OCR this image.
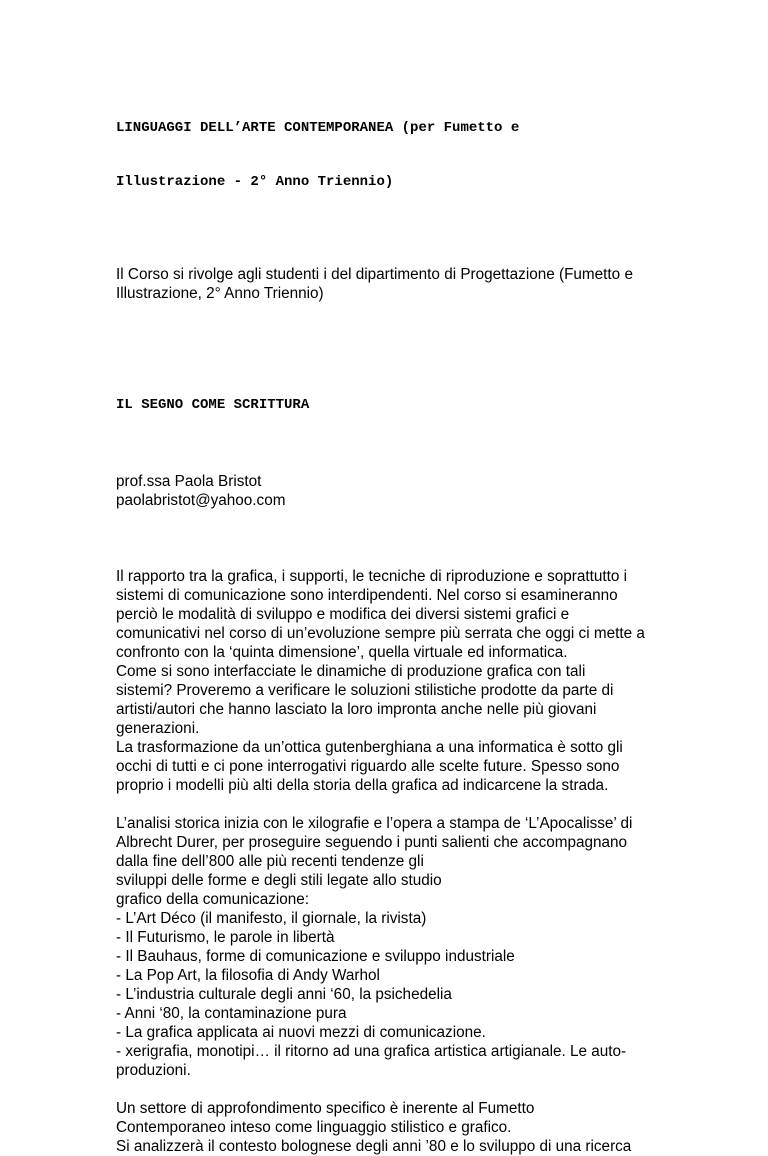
LINGUAGGI DELL’ARTE CONTEMPORANEA (per Fumetto e

Illustrazione - 2° Anno Triennio)

Il Corso si rivolge agli studenti i del dipartimento di Progettazione (Fumetto e
Illustrazione, 2° Anno Triennio)

IL SEGNO COME SCRITTURA

prof.ssa Paola Bristot
paolabristot@yahoo.com
Il rapporto tra la grafica, i supporti, le tecniche di riproduzione e soprattutto i
sistemi di comunicazione sono interdipendenti. Nel corso si esamineranno
perciò le modalità di sviluppo e modifica dei diversi sistemi grafici e
comunicativi nel corso di un’evoluzione sempre più serrata che oggi ci mette a
confronto con la ‘quinta dimensione’, quella virtuale ed informatica.
Come si sono interfacciate le dinamiche di produzione grafica con tali
sistemi? Proveremo a verificare le soluzioni stilistiche prodotte da parte di
artisti/autori che hanno lasciato la loro impronta anche nelle più giovani
generazioni.
La trasformazione da un’ottica gutenberghiana a una informatica è sotto gli
occhi di tutti e ci pone interrogativi riguardo alle scelte future. Spesso sono
proprio i modelli più alti della storia della grafica ad indicarcene la strada.
L’analisi storica inizia con le xilografie e l’opera a stampa de ‘L’Apocalisse’ di
Albrecht Durer, per proseguire seguendo i punti salienti che accompagnano
dalla fine dell’800 alle più recenti tendenze gli
sviluppi delle forme e degli stili legate allo studio
grafico della comunicazione:
- L’Art Déco (il manifesto, il giornale, la rivista)
- Il Futurismo, le parole in libertà
- Il Bauhaus, forme di comunicazione e sviluppo industriale
- La Pop Art, la filosofia di Andy Warhol
- L’industria culturale degli anni ‘60, la psichedelia
- Anni ‘80, la contaminazione pura
- La grafica applicata ai nuovi mezzi di comunicazione.
- xerigrafia, monotipi… il ritorno ad una grafica artistica artigianale. Le auto-
produzioni.
Un settore di approfondimento specifico è inerente al Fumetto
Contemporaneo inteso come linguaggio stilistico e grafico.
Si analizzerà il contesto bolognese degli anni ’80 e lo sviluppo di una ricerca
